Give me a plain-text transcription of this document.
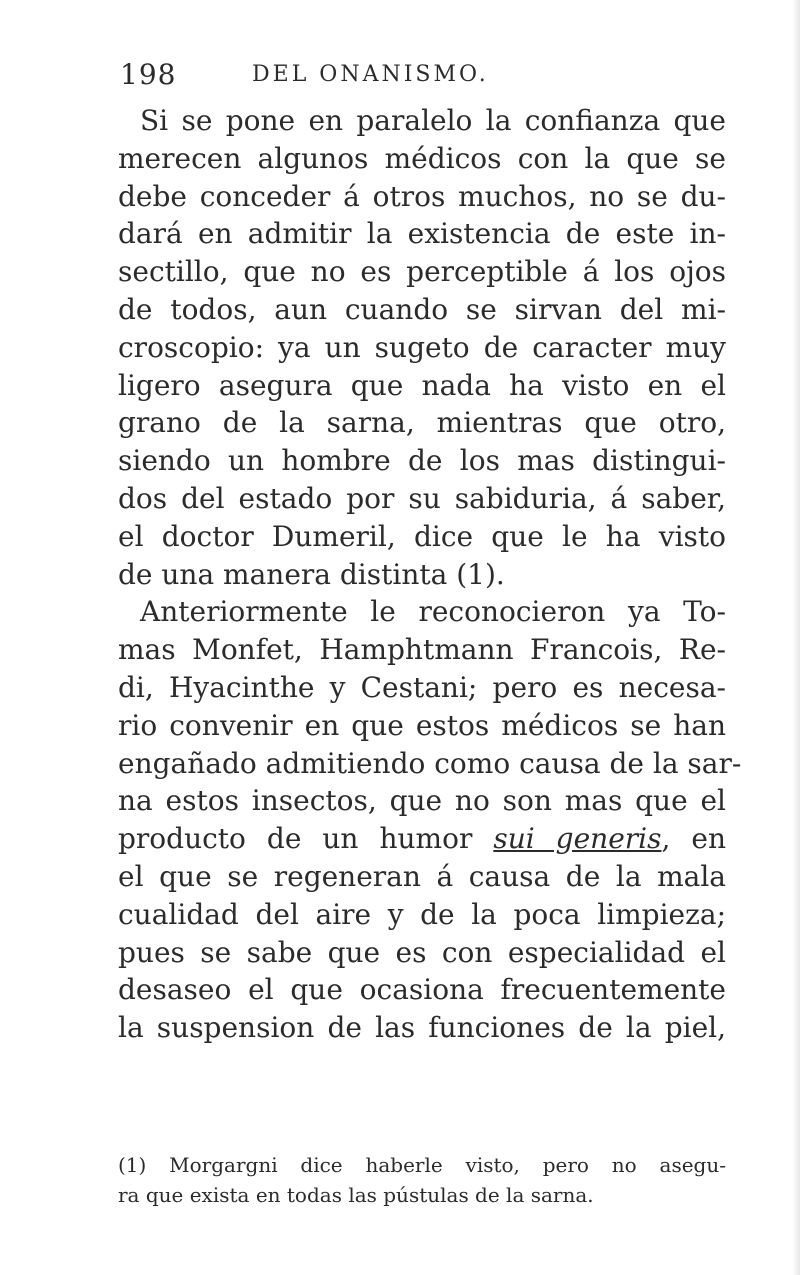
198	DEL ONANISMO.
Si se pone en paralelo la confianza que
merecen algunos médicos con la que se
debe conceder á otros muchos, no se du-
dará en admitir la existencia de este in-
sectillo, que no es perceptible á los ojos
de todos, aun cuando se sirvan del mi-
croscopio: ya un sugeto de caracter muy
ligero asegura que nada ha visto en el
grano de la sarna, mientras que otro,
siendo un hombre de los mas distingui-
dos del estado por su sabiduria, á saber,
el doctor Dumeril, dice que le ha visto
de una manera distinta (1).
Anteriormente le reconocieron ya To-
mas Monfet, Hamphtmann Francois, Re-
di, Hyacinthe y Cestani; pero es necesa-
rio convenir en que estos médicos se han
engañado admitiendo como causa de la sar-
na estos insectos, que no son mas que el
producto de un humor sui generis, en
el que se regeneran á causa de la mala
cualidad del aire y de la poca limpieza;
pues se sabe que es con especialidad el
desaseo el que ocasiona frecuentemente
la suspension de las funciones de la piel,
(1) Morgargni dice haberle visto, pero no asegu-
ra que exista en todas las pústulas de la sarna.
